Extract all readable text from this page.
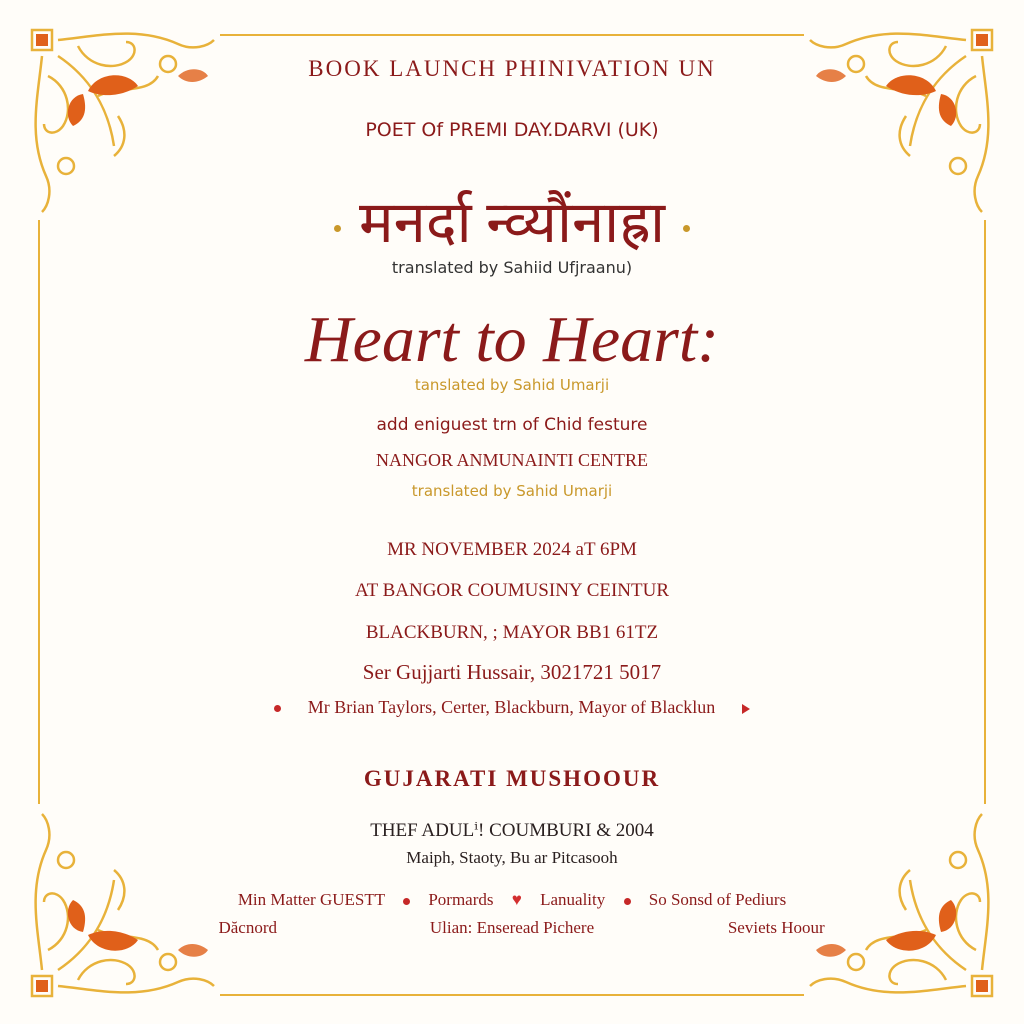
BOOK LAUNCH PHINIVATION UN
POET Of PREMI DAY.DARVI (UK)
मनर्दा न्व्यौंनाह्रा
translated by Sahiid Ufjraanu)
Heart to Heart:
tanslated by Sahid Umarji
add eniguest trn of Chid festure
NANGOR ANMUNAINTI CENTRE
translated by Sahid Umarji
MR NOVEMBER 2024 aT 6PM
AT BANGOR COUMUSINY CEINTUR
BLACKBURN, ; MAYOR BB1 61TZ
Ser Gujjarti Hussair, 3021721 5017
Mr Brian Taylors, Certer, Blackburn, Mayor of Blacklun
GUJARATI MUSHOOUR
THEF ADULⁱ! COUMBURI & 2004
Maiph, Staoty, Bu ar Pitcasooh
Min Matter GUESTT	Pormards ♥ Lanuality	So Sonsd of Pediurs
Dăcnord	Ulian: Enseread Pichere	Seviets Hoour
